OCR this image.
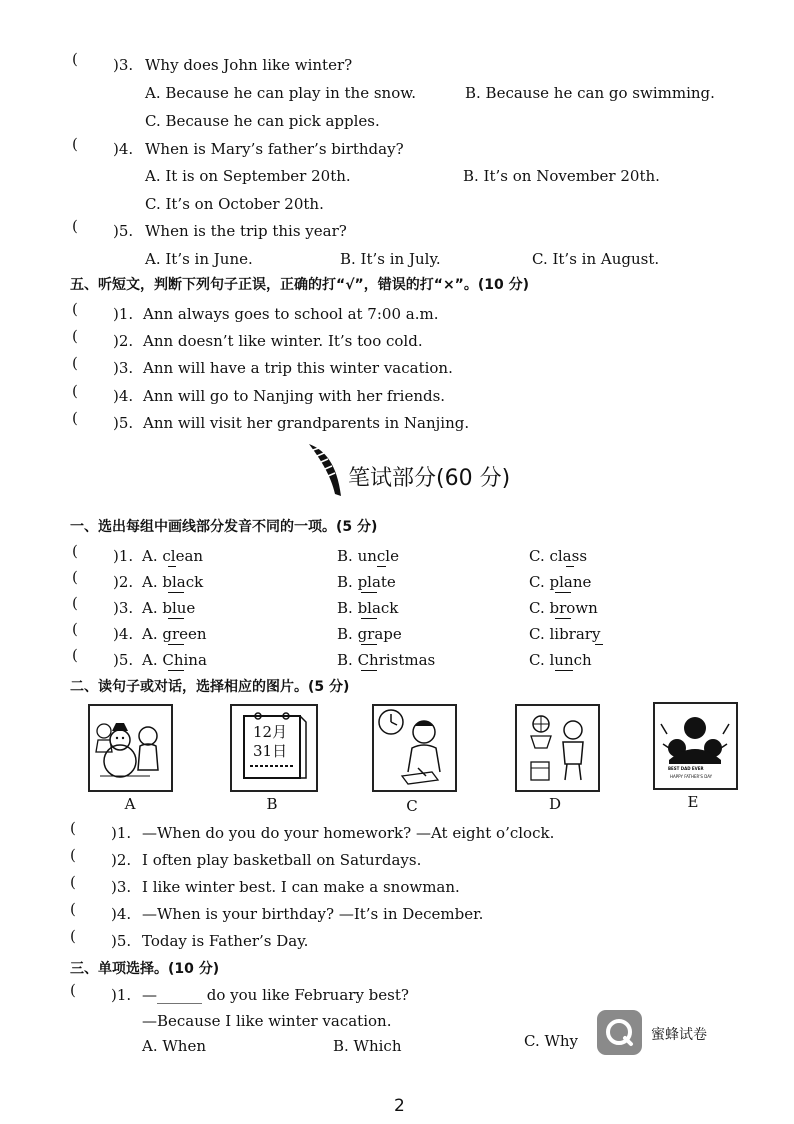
( )3. Why does John like winter?
A. Because he can play in the snow.	B. Because he can go swimming.
C. Because he can pick apples.
( )4. When is Mary’s father’s birthday?
A. It is on September 20th.	B. It’s on November 20th.
C. It’s on October 20th.
( )5. When is the trip this year?
A. It’s in June.	B. It’s in July.	C. It’s in August.
五、听短文，判断下列句子正误，正确的打“√”，错误的打“×”。(10 分)
( )1. Ann always goes to school at 7:00 a.m.
( )2. Ann doesn’t like winter. It’s too cold.
( )3. Ann will have a trip this winter vacation.
( )4. Ann will go to Nanjing with her friends.
( )5. Ann will visit her grandparents in Nanjing.
笔试部分(60 分)
一、选出每组中画线部分发音不同的一项。(5 分)
( )1. A. clean	B. uncle	C. class
( )2. A. black	B. plate	C. plane
( )3. A. blue	B. black	C. brown
( )4. A. green	B. grape	C. library
( )5. A. China	B. Christmas	C. lunch
二、读句子或对话，选择相应的图片。(5 分)
A
12月
31日
B	C	D
BEST DAD EVER
HAPPY FATHER'S DAY
E
( )1. —When do you do your homework? —At eight o’clock.
( )2. I often play basketball on Saturdays.
( )3. I like winter best. I can make a snowman.
( )4. —When is your birthday? —It’s in December.
( )5. Today is Father’s Day.
三、单项选择。(10 分)
( )1. —______ do you like February best?
—Because I like winter vacation.
A. When	B. Which	C. Why	蜜蜂试卷
2
